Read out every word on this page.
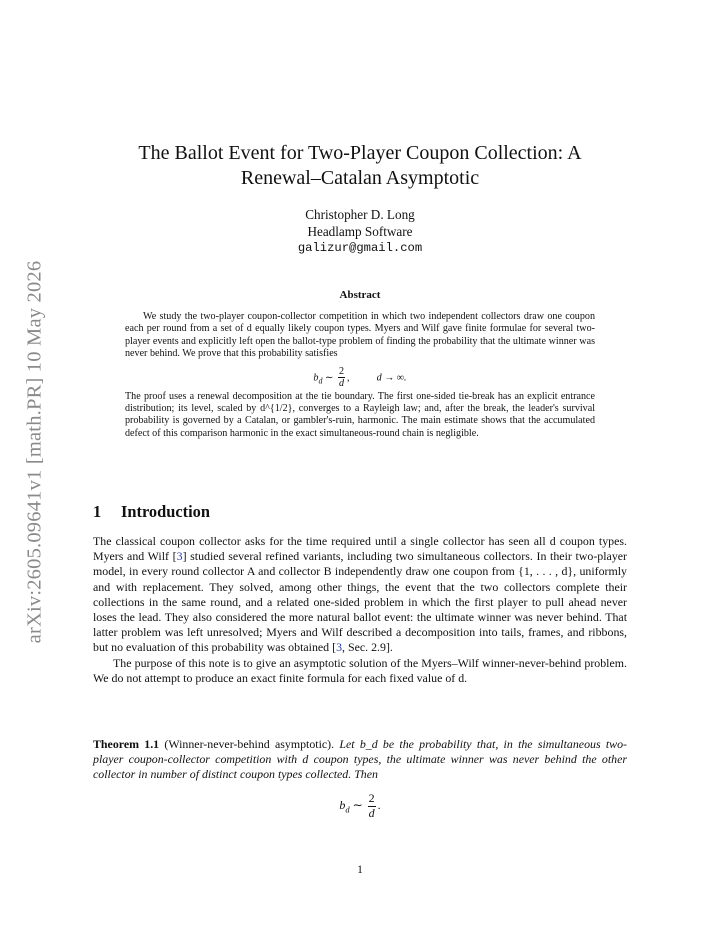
arXiv:2605.09641v1 [math.PR] 10 May 2026
The Ballot Event for Two-Player Coupon Collection: A
Renewal–Catalan Asymptotic
Christopher D. Long
Headlamp Software
galizur@gmail.com
Abstract

We study the two-player coupon-collector competition in which two independent collectors draw one coupon each per round from a set of d equally likely coupon types. Myers and Wilf gave finite formulae for several two-player events and explicitly left open the ballot-type problem of finding the probability that the ultimate winner was never behind. We prove that this probability satisfies

$b_d$ ∼ $\frac{2}{d}$ ,	d → ∞.

The proof uses a renewal decomposition at the tie boundary. The first one-sided tie-break has an explicit entrance distribution; its level, scaled by d^{1/2}, converges to a Rayleigh law; and, after the break, the leader's survival probability is governed by a Catalan, or gambler's-ruin, harmonic. The main estimate shows that the accumulated defect of this comparison harmonic in the exact simultaneous-round chain is negligible.

1 Introduction

The classical coupon collector asks for the time required until a single collector has seen all d coupon types. Myers and Wilf [3] studied several refined variants, including two simultaneous collectors. In their two-player model, in every round collector A and collector B independently draw one coupon from {1, . . . , d}, uniformly and with replacement. They solved, among other things, the event that the two collectors complete their collections in the same round, and a related one-sided problem in which the first player to pull ahead never loses the lead. They also considered the more natural ballot event: the ultimate winner was never behind. That latter problem was left unresolved; Myers and Wilf described a decomposition into tails, frames, and ribbons, but no evaluation of this probability was obtained [3, Sec. 2.9].

The purpose of this note is to give an asymptotic solution of the Myers–Wilf winner-never-behind problem. We do not attempt to produce an exact finite formula for each fixed value of d.

Theorem 1.1 (Winner-never-behind asymptotic). Let b_d be the probability that, in the simultaneous two-player coupon-collector competition with d coupon types, the ultimate winner was never behind the other collector in number of distinct coupon types collected. Then
$b_d$ ∼ $\frac{2}{d}$ .
1
